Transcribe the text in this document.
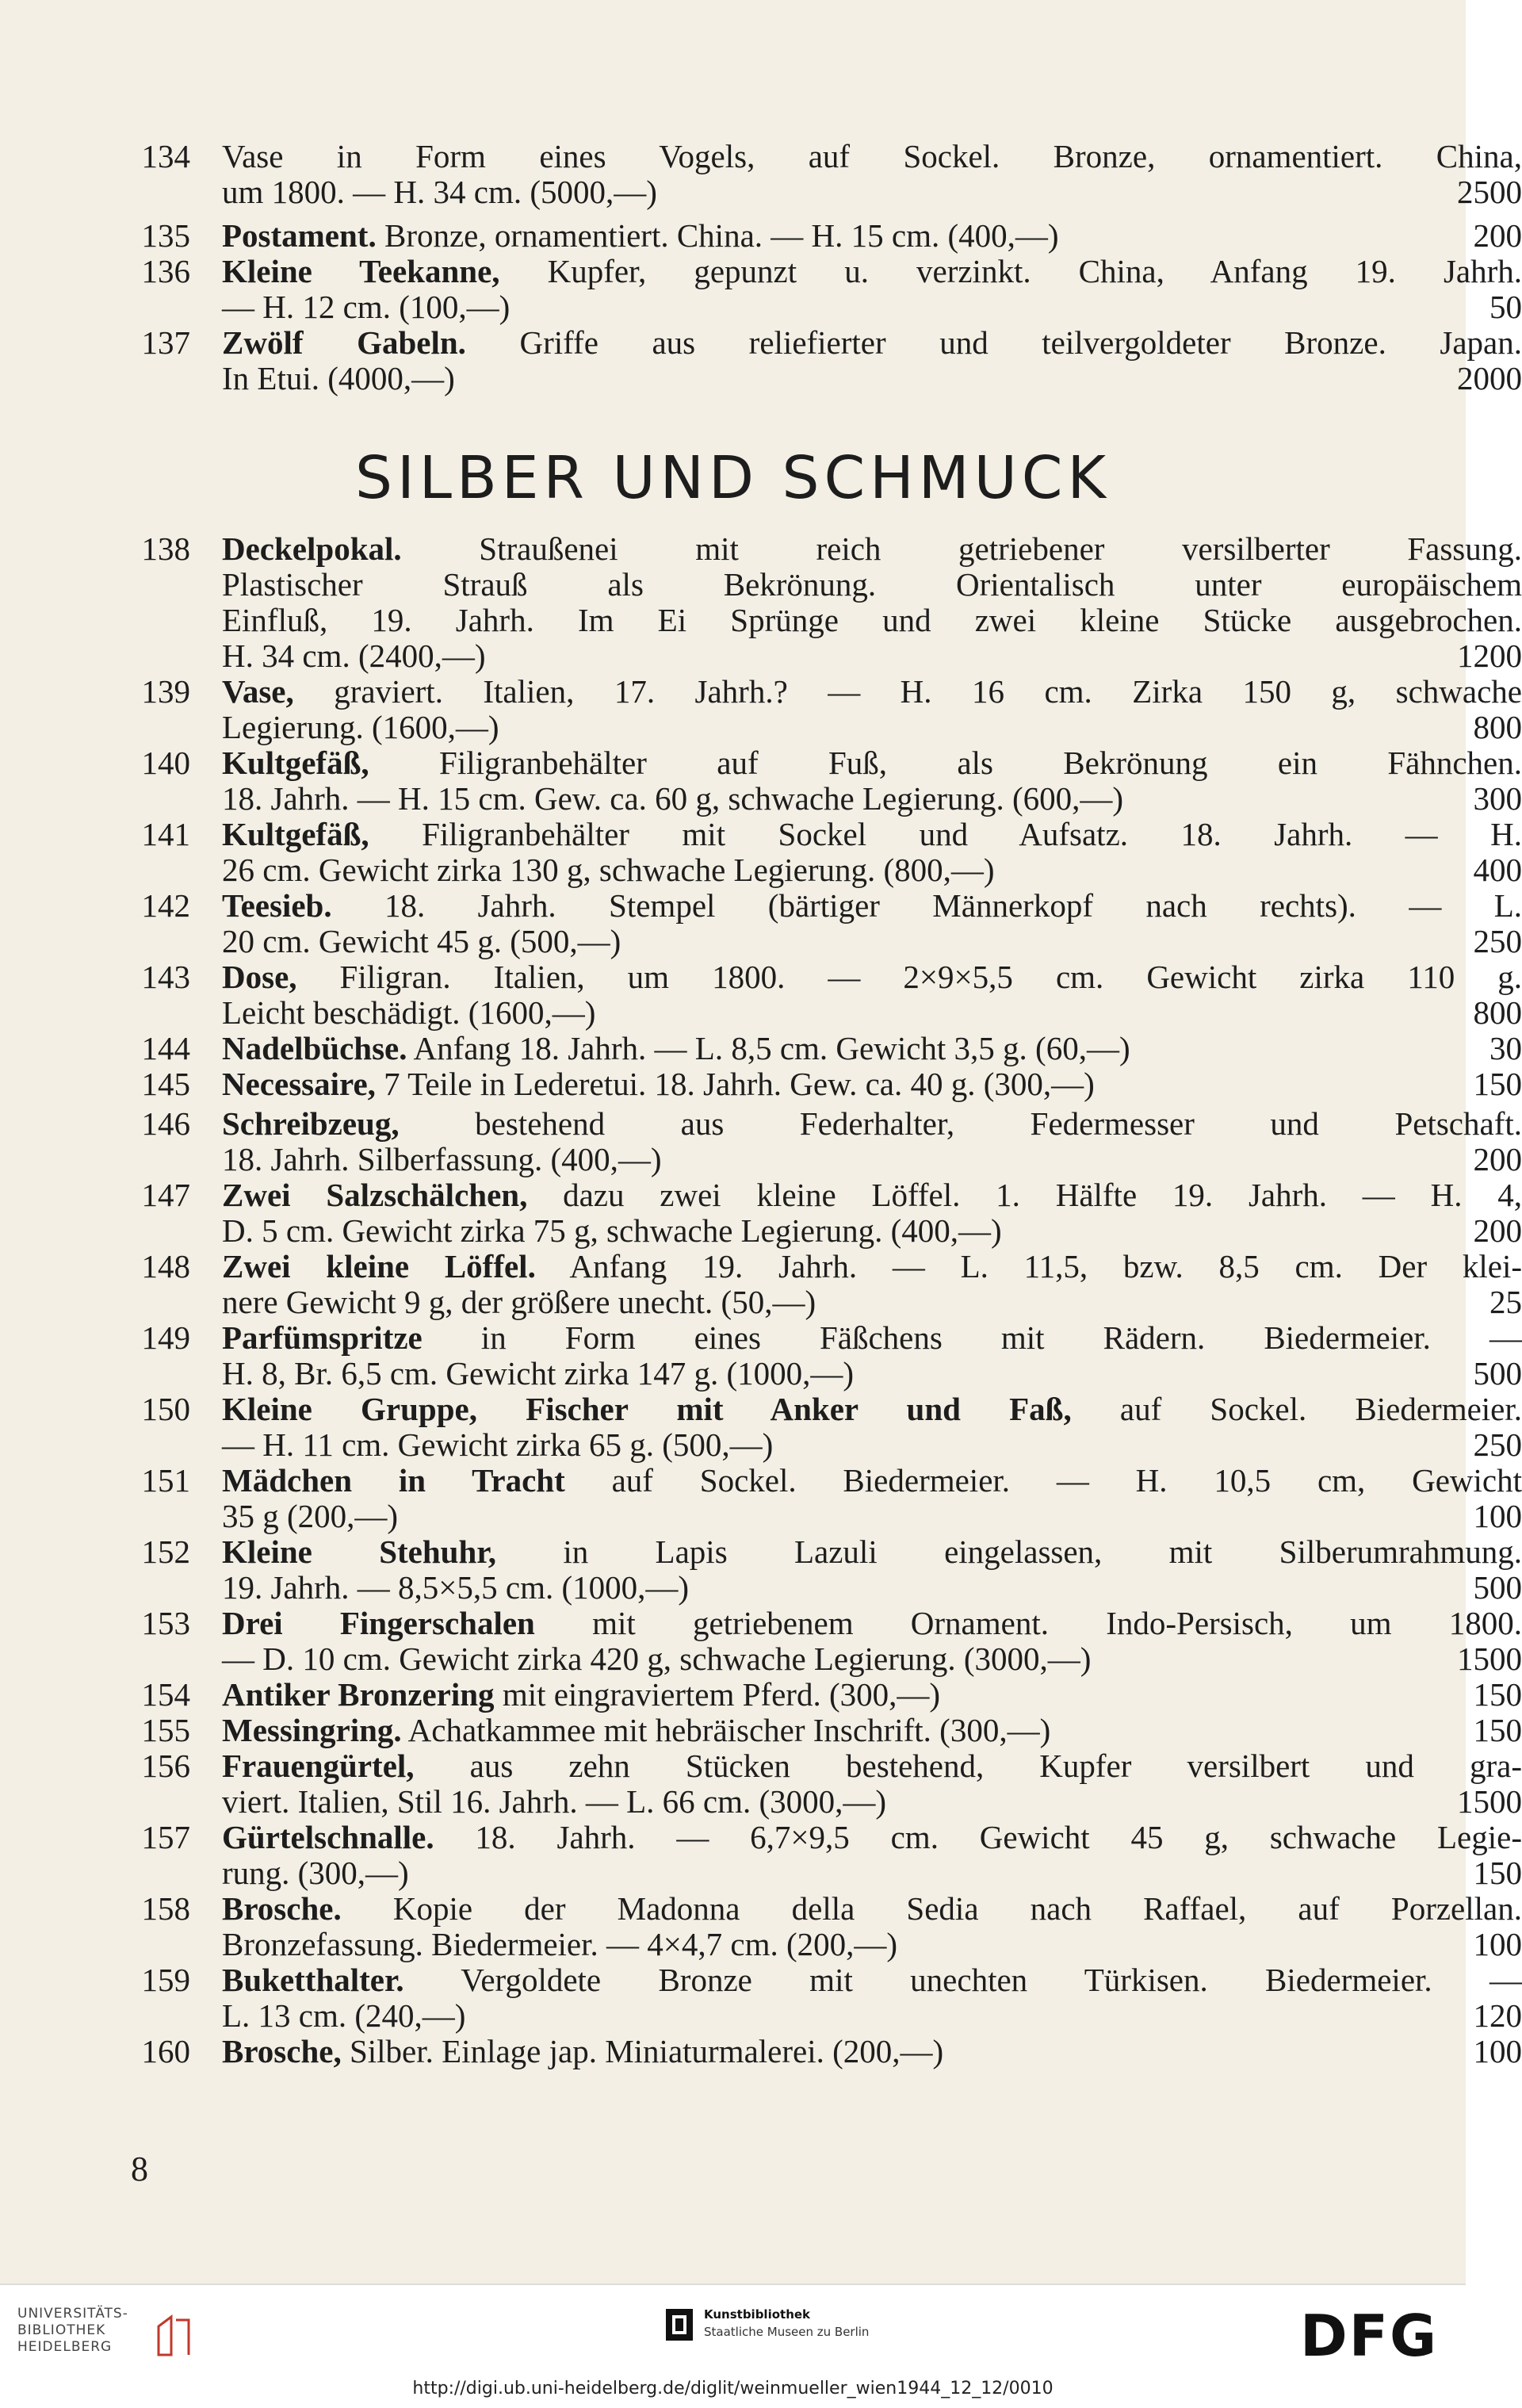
134 Vase in Form eines Vogels, auf Sockel. Bronze, ornamentiert. China,
um 1800. — H. 34 cm. (5000,—)	2500
135 Postament. Bronze, ornamentiert. China. — H. 15 cm. (400,—)	200
136 Kleine Teekanne, Kupfer, gepunzt u. verzinkt. China, Anfang 19. Jahrh.
— H. 12 cm. (100,—)	50
137 Zwölf Gabeln. Griffe aus reliefierter und teilvergoldeter Bronze. Japan.
In Etui. (4000,—)	2000
138 Deckelpokal. Straußenei mit reich getriebener versilberter Fassung.
Plastischer Strauß als Bekrönung. Orientalisch unter europäischem
Einfluß, 19. Jahrh. Im Ei Sprünge und zwei kleine Stücke ausgebrochen.
H. 34 cm. (2400,—)	1200
139 Vase, graviert. Italien, 17. Jahrh.? — H. 16 cm. Zirka 150 g, schwache
Legierung. (1600,—)	800
140 Kultgefäß, Filigranbehälter auf Fuß, als Bekrönung ein Fähnchen.
18. Jahrh. — H. 15 cm. Gew. ca. 60 g, schwache Legierung. (600,—)	300
141 Kultgefäß, Filigranbehälter mit Sockel und Aufsatz. 18. Jahrh. — H.
26 cm. Gewicht zirka 130 g, schwache Legierung. (800,—)	400
142 Teesieb. 18. Jahrh. Stempel (bärtiger Männerkopf nach rechts). — L.
20 cm. Gewicht 45 g. (500,—)	250
143 Dose, Filigran. Italien, um 1800. — 2×9×5,5 cm. Gewicht zirka 110 g.
Leicht beschädigt. (1600,—)	800
144 Nadelbüchse. Anfang 18. Jahrh. — L. 8,5 cm. Gewicht 3,5 g. (60,—)	30
145 Necessaire, 7 Teile in Lederetui. 18. Jahrh. Gew. ca. 40 g. (300,—)	150
146 Schreibzeug, bestehend aus Federhalter, Federmesser und Petschaft.
18. Jahrh. Silberfassung. (400,—)	200
147 Zwei Salzschälchen, dazu zwei kleine Löffel. 1. Hälfte 19. Jahrh. — H. 4,
D. 5 cm. Gewicht zirka 75 g, schwache Legierung. (400,—)	200
148 Zwei kleine Löffel. Anfang 19. Jahrh. — L. 11,5, bzw. 8,5 cm. Der klei-
nere Gewicht 9 g, der größere unecht. (50,—)	25
149 Parfümspritze in Form eines Fäßchens mit Rädern. Biedermeier. —
H. 8, Br. 6,5 cm. Gewicht zirka 147 g. (1000,—)	500
150 Kleine Gruppe, Fischer mit Anker und Faß, auf Sockel. Biedermeier.
— H. 11 cm. Gewicht zirka 65 g. (500,—)	250
151 Mädchen in Tracht auf Sockel. Biedermeier. — H. 10,5 cm, Gewicht
35 g (200,—)	100
152 Kleine Stehuhr, in Lapis Lazuli eingelassen, mit Silberumrahmung.
19. Jahrh. — 8,5×5,5 cm. (1000,—)	500
153 Drei Fingerschalen mit getriebenem Ornament. Indo-Persisch, um 1800.
— D. 10 cm. Gewicht zirka 420 g, schwache Legierung. (3000,—)	1500
154 Antiker Bronzering mit eingraviertem Pferd. (300,—)	150
155 Messingring. Achatkammee mit hebräischer Inschrift. (300,—)	150
156 Frauengürtel, aus zehn Stücken bestehend, Kupfer versilbert und gra-
viert. Italien, Stil 16. Jahrh. — L. 66 cm. (3000,—)	1500
157 Gürtelschnalle. 18. Jahrh. — 6,7×9,5 cm. Gewicht 45 g, schwache Legie-
rung. (300,—)	150
158 Brosche. Kopie der Madonna della Sedia nach Raffael, auf Porzellan.
Bronzefassung. Biedermeier. — 4×4,7 cm. (200,—)	100
159 Buketthalter. Vergoldete Bronze mit unechten Türkisen. Biedermeier. —
L. 13 cm. (240,—)	120
160 Brosche, Silber. Einlage jap. Miniaturmalerei. (200,—)	100
SILBER UND SCHMUCK
8
UNIVERSITÄTS-
BIBLIOTHEK
HEIDELBERG
Kunstbibliothek
Staatliche Museen zu Berlin	DFG
http://digi.ub.uni-heidelberg.de/diglit/weinmueller_wien1944_12_12/0010
